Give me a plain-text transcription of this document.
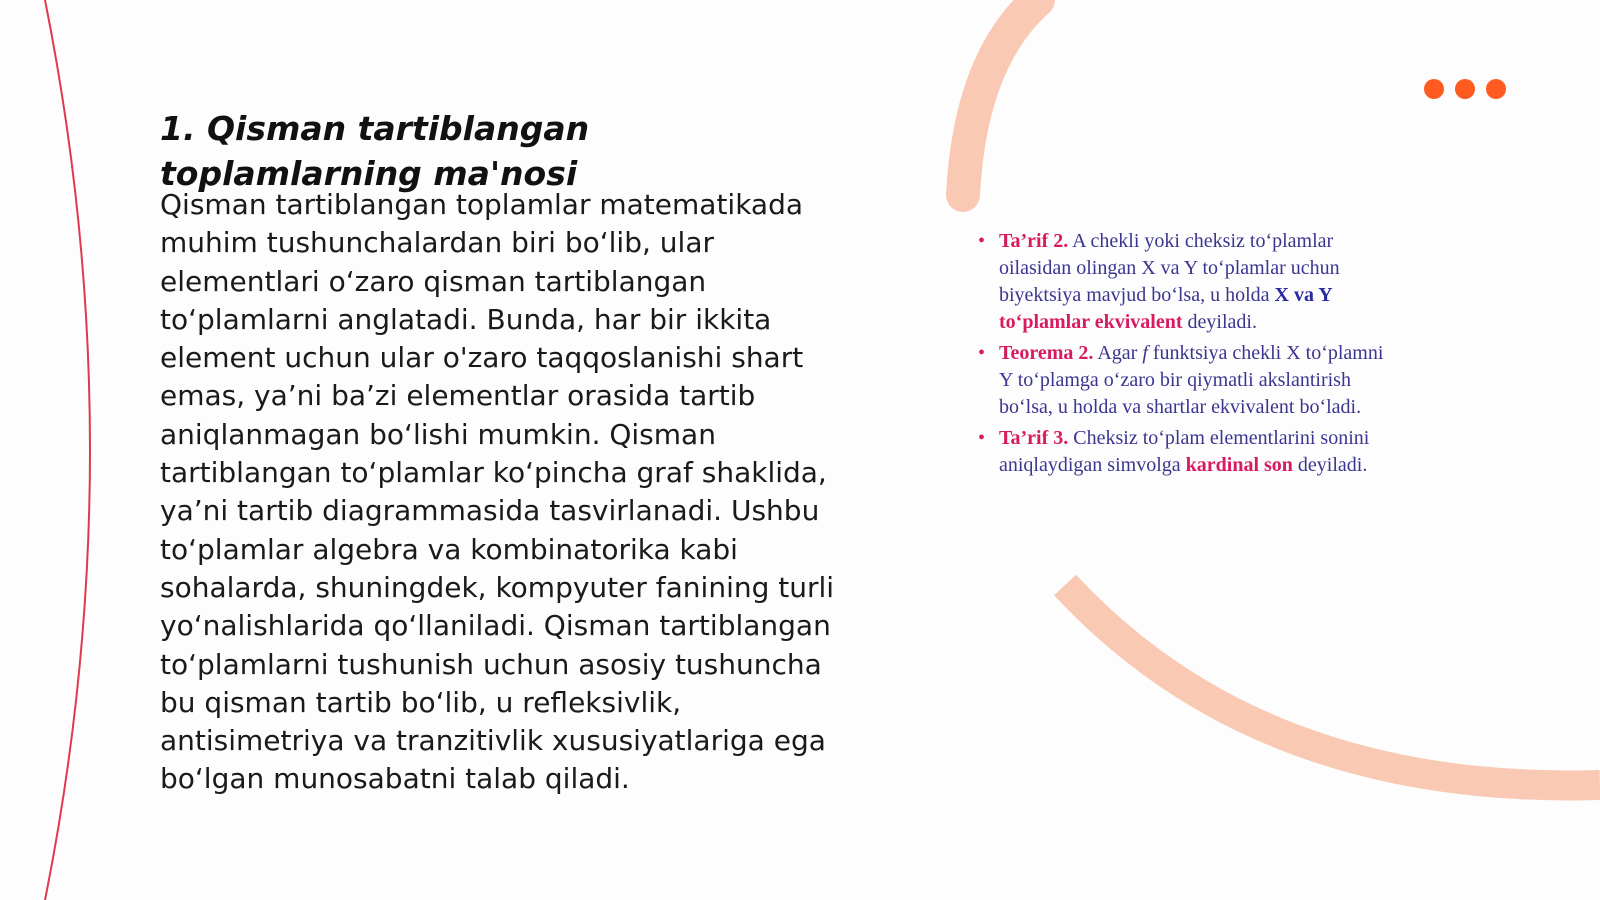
1. Qisman tartiblangan toplamlarning ma'nosi

Qisman tartiblangan toplamlar matematikada muhim tushunchalardan biri bo‘lib, ular elementlari o‘zaro qisman tartiblangan to‘plamlarni anglatadi. Bunda, har bir ikkita element uchun ular o'zaro taqqoslanishi shart emas, ya’ni ba’zi elementlar orasida tartib aniqlanmagan bo‘lishi mumkin. Qisman tartiblangan to‘plamlar ko‘pincha graf shaklida, ya’ni tartib diagrammasida tasvirlanadi. Ushbu to‘plamlar algebra va kombinatorika kabi sohalarda, shuningdek, kompyuter fanining turli yo‘nalishlarida qo‘llaniladi. Qisman tartiblangan to‘plamlarni tushunish uchun asosiy tushuncha bu qisman tartib bo‘lib, u refleksivlik, antisimetriya va tranzitivlik xususiyatlariga ega bo‘lgan munosabatni talab qiladi.

• Ta’rif 2. A chekli yoki cheksiz to‘plamlar oilasidan olingan X va Y to‘plamlar uchun biyektsiya mavjud bo‘lsa, u holda X va Y to‘plamlar ekvivalent deyiladi.
• Teorema 2. Agar f funktsiya chekli X to‘plamni Y to‘plamga o‘zaro bir qiymatli akslantirish bo‘lsa, u holda va shartlar ekvivalent bo‘ladi.
• Ta’rif 3. Cheksiz to‘plam elementlarini sonini aniqlaydigan simvolga kardinal son deyiladi.
